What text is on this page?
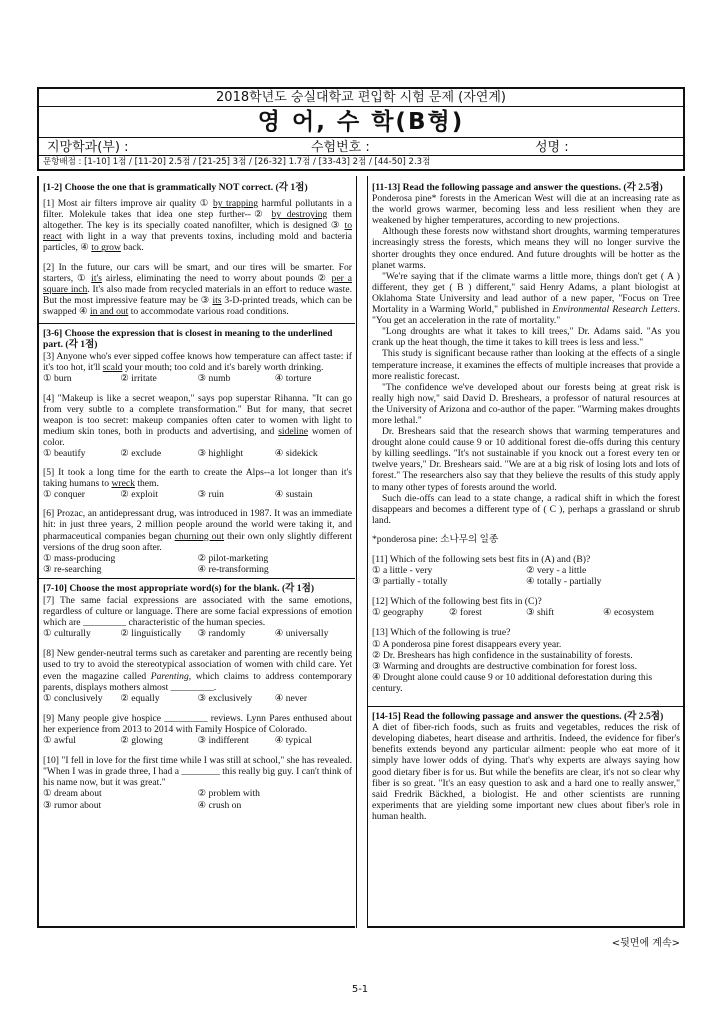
2018학년도 숭실대학교 편입학 시험 문제 (자연계)
영 어, 수 학(B형)
지망학과(부) :	수험번호 :	성명 :
문항배점 : [1-10] 1점 / [11-20] 2.5점 / [21-25] 3점 / [26-32] 1.7점 / [33-43] 2점 / [44-50] 2.3점
[1-2] Choose the one that is grammatically NOT correct. (각 1점)
[1] Most air filters improve air quality ① by trapping harmful pollutants in a filter. Molekule takes that idea one step further--② by destroying them altogether. The key is its specially coated nanofilter, which is designed ③ to react with light in a way that prevents toxins, including mold and bacteria particles, ④ to grow back.
[2] In the future, our cars will be smart, and our tires will be smarter. For starters, ① it's airless, eliminating the need to worry about pounds ② per a square inch. It's also made from recycled materials in an effort to reduce waste. But the most impressive feature may be ③ its 3-D-printed treads, which can be swapped ④ in and out to accommodate various road conditions.
[3-6] Choose the expression that is closest in meaning to the underlined part. (각 1점)
[3] Anyone who's ever sipped coffee knows how temperature can affect taste: if it's too hot, it'll scald your mouth; too cold and it's barely worth drinking.
① burn	② irritate	③ numb	④ torture
[4] "Makeup is like a secret weapon," says pop superstar Rihanna. "It can go from very subtle to a complete transformation." But for many, that secret weapon is too secret: makeup companies often cater to women with light to medium skin tones, both in products and advertising, and sideline women of color.
① beautify	② exclude	③ highlight	④ sidekick
[5] It took a long time for the earth to create the Alps--a lot longer than it's taking humans to wreck them.
① conquer	② exploit	③ ruin	④ sustain
[6] Prozac, an antidepressant drug, was introduced in 1987. It was an immediate hit: in just three years, 2 million people around the world were taking it, and pharmaceutical companies began churning out their own only slightly different versions of the drug soon after.
① mass-producing	② pilot-marketing
③ re-searching	④ re-transforming
[7-10] Choose the most appropriate word(s) for the blank. (각 1점)
[7] The same facial expressions are associated with the same emotions, regardless of culture or language. There are some facial expressions of emotion which are _________ characteristic of the human species.
① culturally	② linguistically	③ randomly	④ universally
[8] New gender-neutral terms such as caretaker and parenting are recently being used to try to avoid the stereotypical association of women with child care. Yet even the magazine called Parenting, which claims to address contemporary parents, displays mothers almost _________.
① conclusively	② equally	③ exclusively	④ never
[9] Many people give hospice _________ reviews. Lynn Pares enthused about her experience from 2013 to 2014 with Family Hospice of Colorado.
① awful	② glowing	③ indifferent	④ typical
[10] "I fell in love for the first time while I was still at school," she has revealed. "When I was in grade three, I had a ________ this really big guy. I can't think of his name now, but it was great."
① dream about	② problem with
③ rumor about	④ crush on
[11-13] Read the following passage and answer the questions. (각 2.5점)
Ponderosa pine* forests in the American West will die at an increasing rate as the world grows warmer, becoming less and less resilient when they are weakened by higher temperatures, according to new projections.
Although these forests now withstand short droughts, warming temperatures increasingly stress the forests, which means they will no longer survive the shorter droughts they once endured. And future droughts will be hotter as the planet warms.
"We're saying that if the climate warms a little more, things don't get ( A ) different, they get ( B ) different," said Henry Adams, a plant biologist at Oklahoma State University and lead author of a new paper, "Focus on Tree Mortality in a Warming World," published in Environmental Research Letters. "You get an acceleration in the rate of mortality."
"Long droughts are what it takes to kill trees," Dr. Adams said. "As you crank up the heat though, the time it takes to kill trees is less and less."
This study is significant because rather than looking at the effects of a single temperature increase, it examines the effects of multiple increases that provide a more realistic forecast.
"The confidence we've developed about our forests being at great risk is really high now," said David D. Breshears, a professor of natural resources at the University of Arizona and co-author of the paper. "Warming makes droughts more lethal."
Dr. Breshears said that the research shows that warming temperatures and drought alone could cause 9 or 10 additional forest die-offs during this century by killing seedlings. "It's not sustainable if you knock out a forest every ten or twelve years," Dr. Breshears said. "We are at a big risk of losing lots and lots of forest." The researchers also say that they believe the results of this study apply to many other types of forests around the world.
Such die-offs can lead to a state change, a radical shift in which the forest disappears and becomes a different type of ( C ), perhaps a grassland or shrub land.
*ponderosa pine: 소나무의 일종
[11] Which of the following sets best fits in (A) and (B)?
① a little - very	② very - a little
③ partially - totally	④ totally - partially
[12] Which of the following best fits in (C)?
① geography	② forest	③ shift	④ ecosystem
[13] Which of the following is true?
① A ponderosa pine forest disappears every year.
② Dr. Breshears has high confidence in the sustainability of forests.
③ Warming and droughts are destructive combination for forest loss.
④ Drought alone could cause 9 or 10 additional deforestation during this century.
[14-15] Read the following passage and answer the questions. (각 2.5점)
A diet of fiber-rich foods, such as fruits and vegetables, reduces the risk of developing diabetes, heart disease and arthritis. Indeed, the evidence for fiber's benefits extends beyond any particular ailment: people who eat more of it simply have lower odds of dying. That's why experts are always saying how good dietary fiber is for us. But while the benefits are clear, it's not so clear why fiber is so great. "It's an easy question to ask and a hard one to really answer," said Fredrik Bäckhed, a biologist. He and other scientists are running experiments that are yielding some important new clues about fiber's role in human health.
<뒷면에 계속>
5-1
